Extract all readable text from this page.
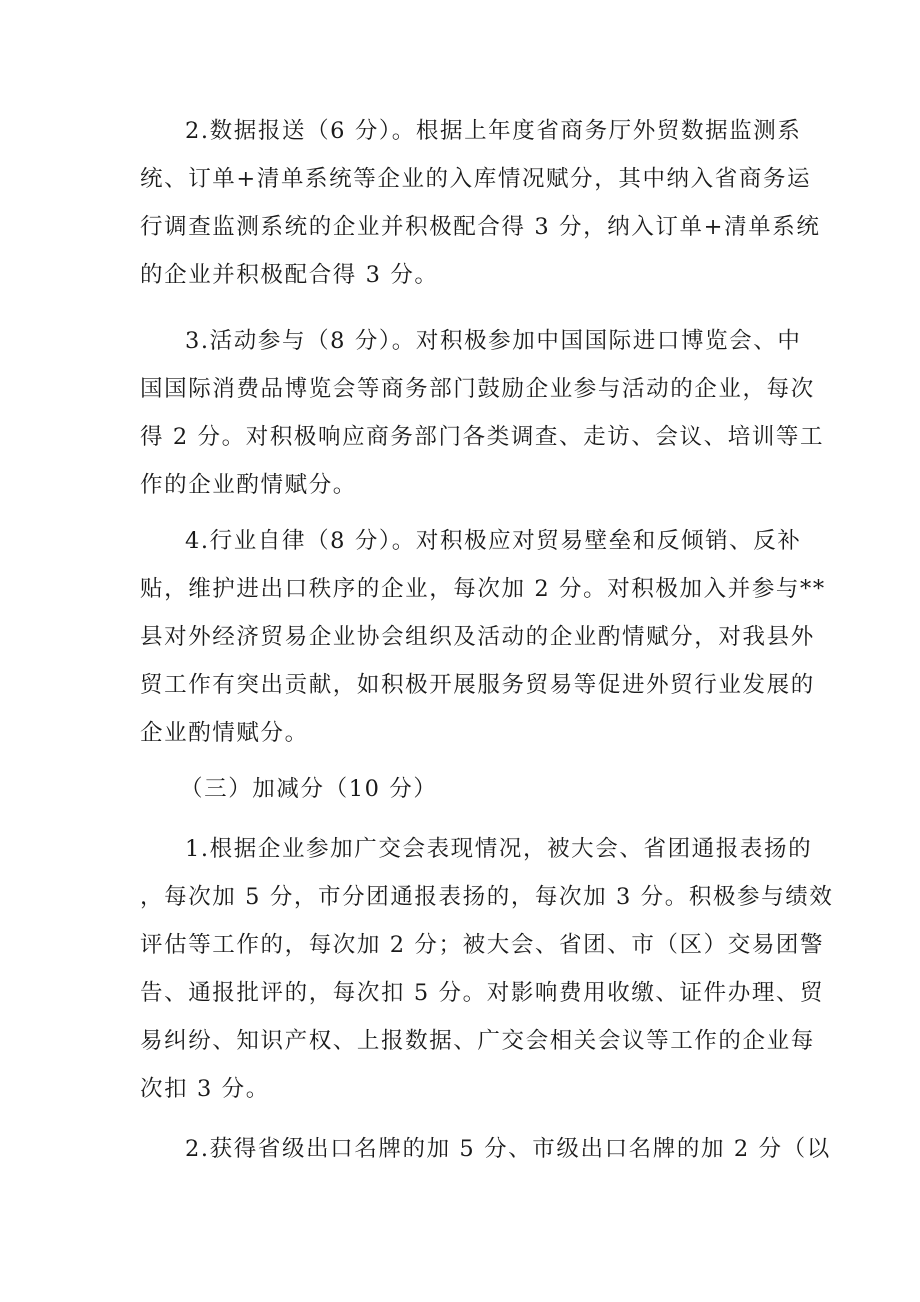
2.数据报送（6 分）。根据上年度省商务厅外贸数据监测系
统、订单+清单系统等企业的入库情况赋分，其中纳入省商务运
行调查监测系统的企业并积极配合得 3 分，纳入订单+清单系统
的企业并积极配合得 3 分。
3.活动参与（8 分）。对积极参加中国国际进口博览会、中
国国际消费品博览会等商务部门鼓励企业参与活动的企业，每次
得 2 分。对积极响应商务部门各类调查、走访、会议、培训等工
作的企业酌情赋分。
4.行业自律（8 分）。对积极应对贸易壁垒和反倾销、反补
贴，维护进出口秩序的企业，每次加 2 分。对积极加入并参与**
县对外经济贸易企业协会组织及活动的企业酌情赋分，对我县外
贸工作有突出贡献，如积极开展服务贸易等促进外贸行业发展的
企业酌情赋分。
（三）加减分（10 分）
1.根据企业参加广交会表现情况，被大会、省团通报表扬的
，每次加 5 分，市分团通报表扬的，每次加 3 分。积极参与绩效
评估等工作的，每次加 2 分；被大会、省团、市（区）交易团警
告、通报批评的，每次扣 5 分。对影响费用收缴、证件办理、贸
易纠纷、知识产权、上报数据、广交会相关会议等工作的企业每
次扣 3 分。
2.获得省级出口名牌的加 5 分、市级出口名牌的加 2 分（以
